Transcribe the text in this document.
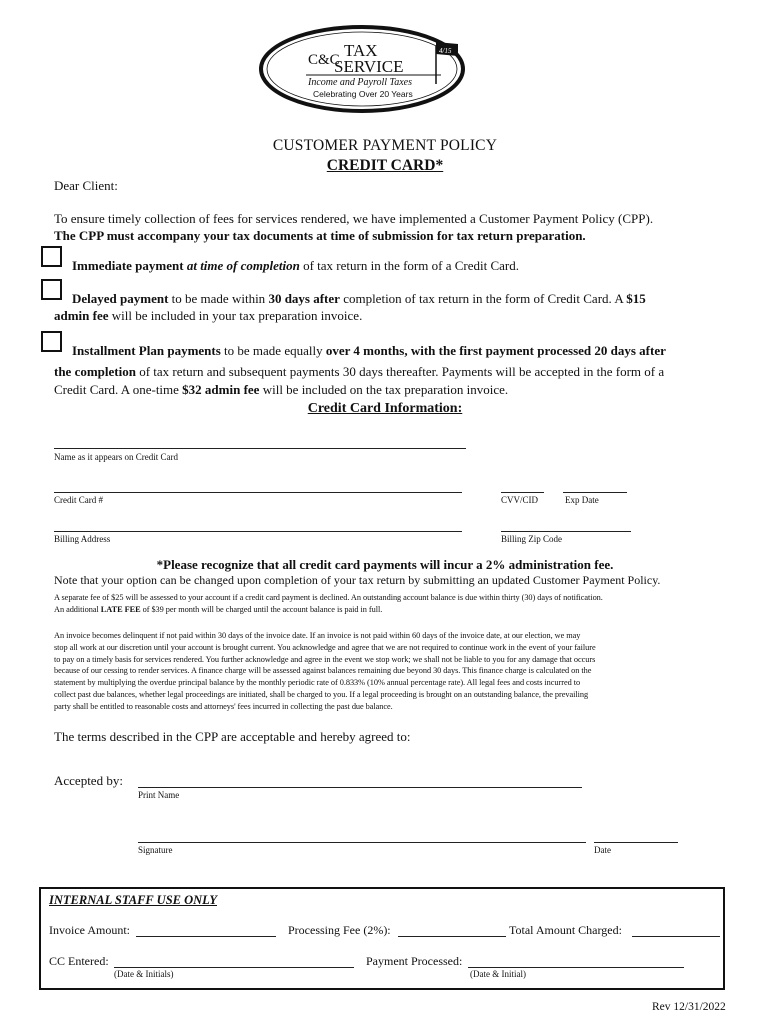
C&C TAX
SERVICE
4/15
Income and Payroll Taxes
Celebrating Over 20 Years
CUSTOMER PAYMENT POLICY
CREDIT CARD*
Dear Client:
To ensure timely collection of fees for services rendered, we have implemented a Customer Payment Policy (CPP).
The CPP must accompany your tax documents at time of submission for tax return preparation.
Immediate payment at time of completion of tax return in the form of a Credit Card.
Delayed payment to be made within 30 days after completion of tax return in the form of Credit Card. A $15
admin fee will be included in your tax preparation invoice.
Installment Plan payments to be made equally over 4 months, with the first payment processed 20 days after
the completion of tax return and subsequent payments 30 days thereafter. Payments will be accepted in the form of a
Credit Card. A one-time $32 admin fee will be included on the tax preparation invoice.
Credit Card Information:
Name as it appears on Credit Card
Credit Card #	CVV/CID	Exp Date
Billing Address	Billing Zip Code
*Please recognize that all credit card payments will incur a 2% administration fee.
Note that your option can be changed upon completion of your tax return by submitting an updated Customer Payment Policy.
A separate fee of $25 will be assessed to your account if a credit card payment is declined. An outstanding account balance is due within thirty (30) days of notification.
An additional LATE FEE of $39 per month will be charged until the account balance is paid in full.
An invoice becomes delinquent if not paid within 30 days of the invoice date. If an invoice is not paid within 60 days of the invoice date, at our election, we may
stop all work at our discretion until your account is brought current. You acknowledge and agree that we are not required to continue work in the event of your failure
to pay on a timely basis for services rendered. You further acknowledge and agree in the event we stop work; we shall not be liable to you for any damage that occurs
because of our cessing to render services. A finance charge will be assessed against balances remaining due beyond 30 days. This finance charge is calculated on the
statement by multiplying the overdue principal balance by the monthly periodic rate of 0.833% (10% annual percentage rate). All legal fees and costs incurred to
collect past due balances, whether legal proceedings are initiated, shall be charged to you. If a legal proceeding is brought on an outstanding balance, the prevailing
party shall be entitled to reasonable costs and attorneys' fees incurred in collecting the past due balance.
The terms described in the CPP are acceptable and hereby agreed to:
Accepted by:
Print Name
Signature	Date
INTERNAL STAFF USE ONLY
Invoice Amount:	Processing Fee (2%):	Total Amount Charged:
CC Entered:
(Date & Initials)
Payment Processed:
(Date & Initial)
Rev 12/31/2022
